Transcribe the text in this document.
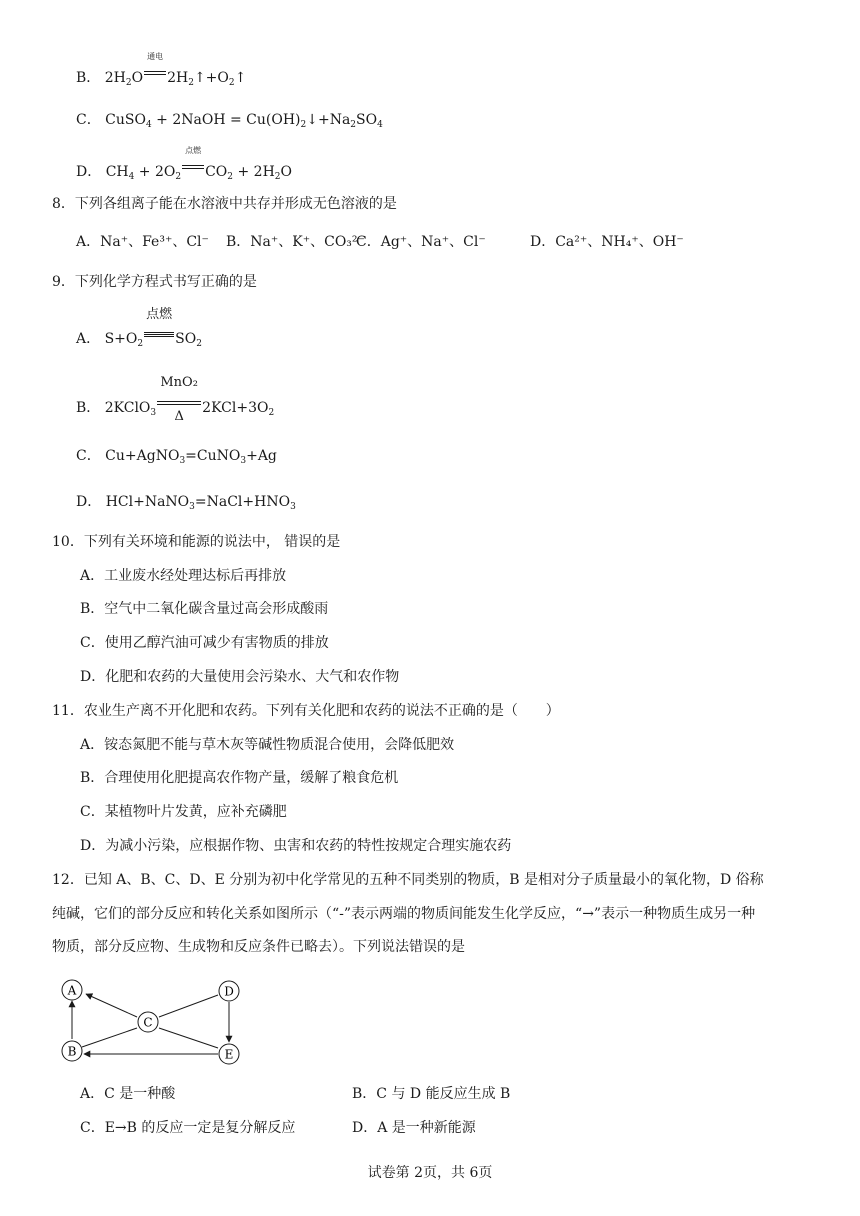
B． $2H_2O$
通电
$2H_2↑+O_2↑$
C． CuSO$_4$ + 2NaOH = $Cu(OH)_2↓+Na_2SO_4$
D． $CH_4 + 2O_2$
点燃
$CO_2 + 2H_2O$
8．下列各组离子能在水溶液中共存并形成无色溶液的是
A．Na⁺、Fe³⁺、Cl⁻ B．Na⁺、K⁺、CO₃²⁻C．Ag⁺、Na⁺、Cl⁻	D．Ca²⁺、NH₄⁺、OH⁻
9．下列化学方程式书写正确的是
A． $S+O_2$
点燃
$SO_2$
B． 2KClO$_3$
MnO₂
Δ
$2KCl+3O_2$
C． Cu+AgNO$_3$=CuNO$_3$+Ag
D． $HCl+NaNO_3=NaCl+HNO_3$
10．下列有关环境和能源的说法中， 错误的是
A．工业废水经处理达标后再排放
B．空气中二氧化碳含量过高会形成酸雨
C．使用乙醇汽油可减少有害物质的排放
D．化肥和农药的大量使用会污染水、大气和农作物
11．农业生产离不开化肥和农药。下列有关化肥和农药的说法不正确的是（　　）
A．铵态氮肥不能与草木灰等碱性物质混合使用，会降低肥效
B．合理使用化肥提高农作物产量，缓解了粮食危机
C．某植物叶片发黄，应补充磷肥
D．为减小污染，应根据作物、虫害和农药的特性按规定合理实施农药
12．已知 A、B、C、D、E 分别为初中化学常见的五种不同类别的物质，B 是相对分子质量最小的氧化物，D 俗称
纯碱，它们的部分反应和转化关系如图所示（“-”表示两端的物质间能发生化学反应，“→”表示一种物质生成另一种
物质，部分反应物、生成物和反应条件已略去）。下列说法错误的是
A
B
C
D
E
A．C 是一种酸	B．C 与 D 能反应生成 B
C．E→B 的反应一定是复分解反应	D．A 是一种新能源
试卷第 2页，共 6页
